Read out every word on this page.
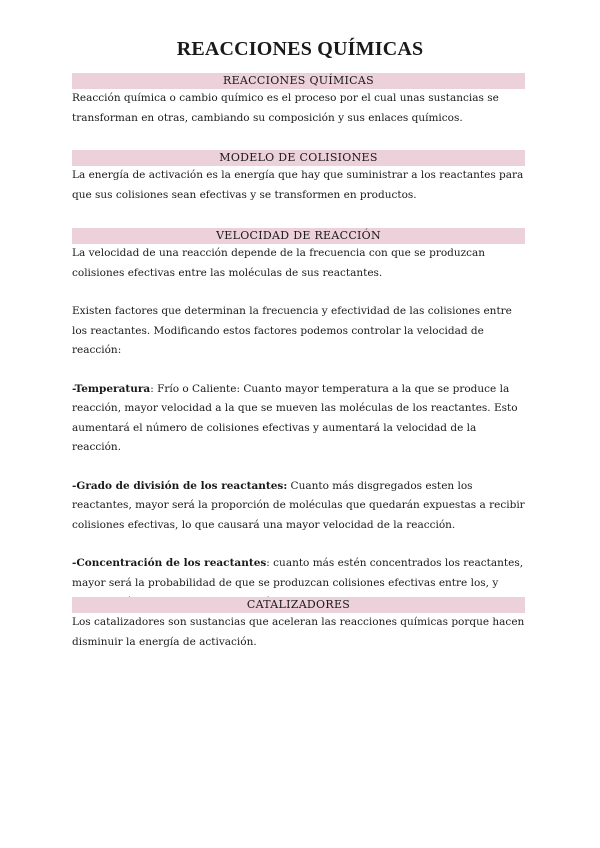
REACCIONES QUÍMICAS
REACCIONES QUÍMICAS

Reacción química o cambio químico es el proceso por el cual unas sustancias se transforman en otras, cambiando su composición y sus enlaces químicos.

MODELO DE COLISIONES

La energía de activación es la energía que hay que suministrar a los reactantes para que sus colisiones sean efectivas y se transformen en productos.

VELOCIDAD DE REACCIÓN

La velocidad de una reacción depende de la frecuencia con que se produzcan colisiones efectivas entre las moléculas de sus reactantes.

Existen factores que determinan la frecuencia y efectividad de las colisiones entre los reactantes. Modificando estos factores podemos controlar la velocidad de reacción:

-Temperatura: Frío o Caliente: Cuanto mayor temperatura a la que se produce la reacción, mayor velocidad a la que se mueven las moléculas de los reactantes. Esto aumentará el número de colisiones efectivas y aumentará la velocidad de la reacción.

-Grado de división de los reactantes: Cuanto más disgregados esten los reactantes, mayor será la proporción de moléculas que quedarán expuestas a recibir colisiones efectivas, lo que causará una mayor velocidad de la reacción.

-Concentración de los reactantes: cuanto más estén concentrados los reactantes, mayor será la probabilidad de que se produzcan colisiones efectivas entre los, y

CATALIZADORES

Los catalizadores son sustancias que aceleran las reacciones químicas porque hacen disminuir la energía de activación.
